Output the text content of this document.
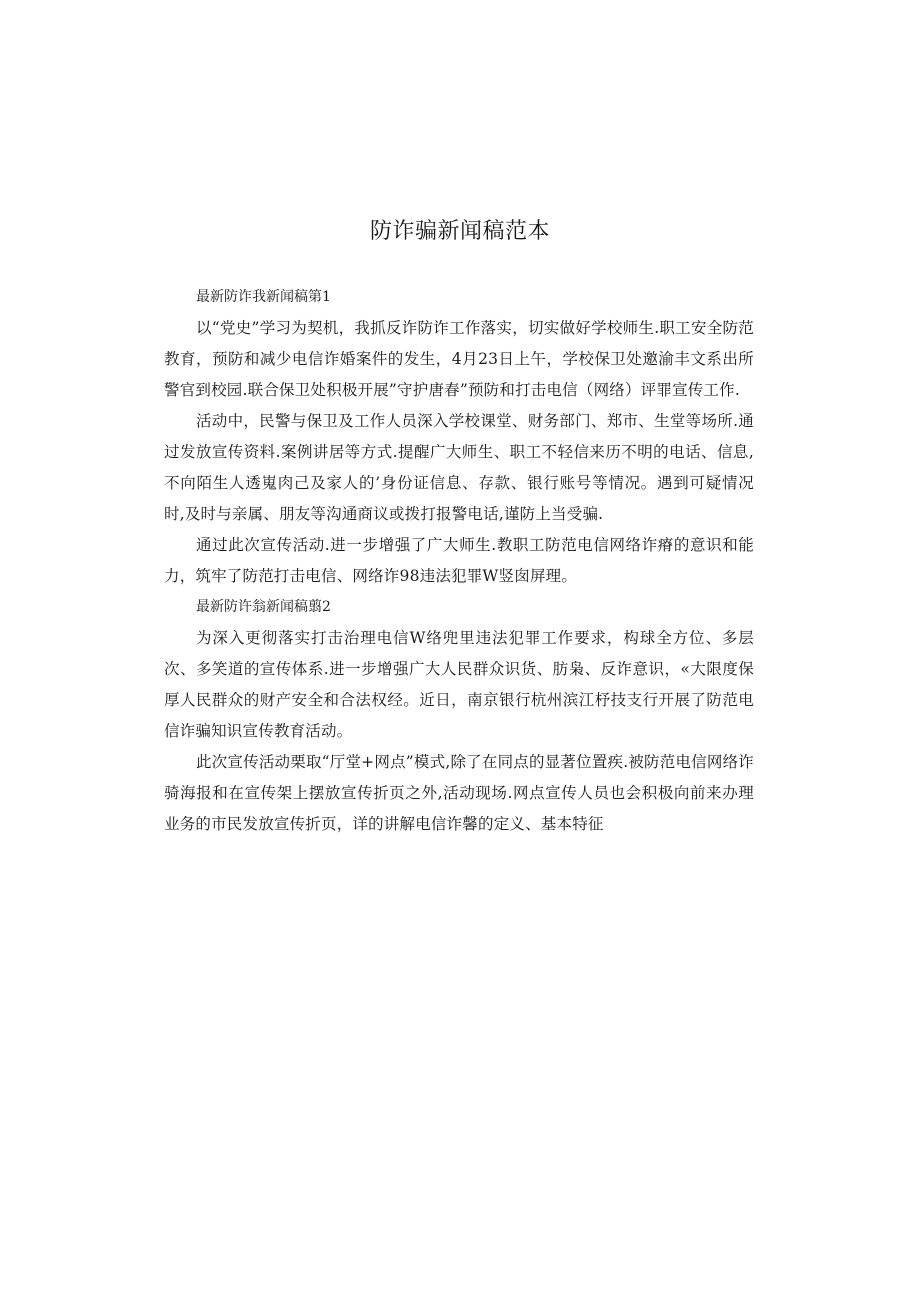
防诈骗新闻稿范本

最新防诈我新闻稿第1

以“党史”学习为契机，我抓反诈防诈工作落实，切实做好学校师生.职工安全防范教育，预防和减少电信诈婚案件的发生，4月23日上午，学校保卫处邀渝丰文系出所警官到校园.联合保卫处积极开展”守护唐春”预防和打击电信（网络）评罪宣传工作.

活动中，民警与保卫及工作人员深入学校课堂、财务部门、郑市、生堂等场所.通过发放宣传资料.案例讲居等方式.提醒广大师生、职工不轻信来历不明的电话、信息,不向陌生人透嵬肉己及家人的’身份证信息、存款、银行账号等情况。遇到可疑情况时,及时与亲属、朋友等沟通商议或拨打报警电话,谨防上当受骗.

通过此次宣传活动.进一步增强了广大师生.教职工防范电信网络诈瘠的意识和能力，筑牢了防范打击电信、网络诈98违法犯罪W竖囱屏理。

最新防许翁新闻稿翦2

为深入更彻落实打击治理电信W络兜里违法犯罪工作要求，构球全方位、多层次、多笑道的宣传体系.进一步增强广大人民群众识货、肪枭、反诈意识，«大限度保厚人民群众的财产安全和合法权经。近日，南京银行杭州滨江杼技支行开展了防范电信诈骗知识宣传教育活动。

此次宣传活动栗取“厅堂+网点”模式,除了在同点的显著位置疾.被防范电信网络诈骑海报和在宣传架上摆放宣传折页之外,活动现场.网点宣传人员也会积极向前来办理业务的市民发放宣传折页，详的讲解电信诈馨的定义、基本特征
